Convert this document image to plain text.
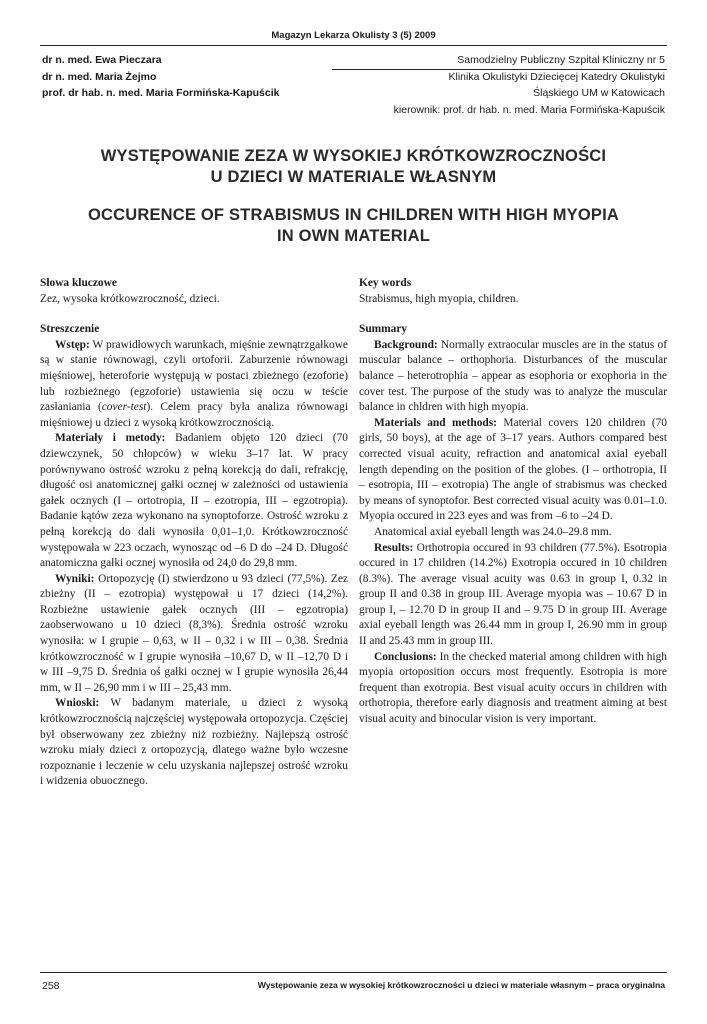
Magazyn Lekarza Okulisty 3 (5) 2009
dr n. med. Ewa Pieczara
dr n. med. Maria Żejmo
prof. dr hab. n. med. Maria Formińska-Kapuścik
Samodzielny Publiczny Szpital Kliniczny nr 5
Klinika Okulistyki Dziecięcej Katedry Okulistyki
Śląskiego UM w Katowicach
kierownik: prof. dr hab. n. med. Maria Formińska-Kapuścik
WYSTĘPOWANIE ZEZA W WYSOKIEJ KRÓTKOWZROCZNOŚCI
U DZIECI W MATERIALE WŁASNYM
OCCURENCE OF STRABISMUS IN CHILDREN WITH HIGH MYOPIA
IN OWN MATERIAL
Słowa kluczowe

Zez, wysoka krótkowzroczność, dzieci.

Streszczenie

Wstęp: W prawidłowych warunkach, mięśnie zewnątrzgałkowe są w stanie równowagi, czyli ortoforii. Zaburzenie równowagi mięśniowej, heteroforie występują w postaci zbieżnego (ezoforie) lub rozbieżnego (egzoforie) ustawienia się oczu w teście zasłaniania (cover-test). Celem pracy była analiza równowagi mięśniowej u dzieci z wysoką krótkowzrocznością.

Materiały i metody: Badaniem objęto 120 dzieci (70 dziewczynek, 50 chłopców) w wieku 3–17 lat. W pracy porównywano ostrość wzroku z pełną korekcją do dali, refrakcję, długość osi anatomicznej gałki ocznej w zależności od ustawienia gałek ocznych (I – ortotropia, II – ezotropia, III – egzotropia). Badanie kątów zeza wykonano na synoptoforze. Ostrość wzroku z pełną korekcją do dali wynosiła 0,01–1,0. Krótkowzroczność występowała w 223 oczach, wynosząc od –6 D do –24 D. Długość anatomiczna gałki ocznej wynosiła od 24,0 do 29,8 mm.

Wyniki: Ortopozycję (I) stwierdzono u 93 dzieci (77,5%). Zez zbieżny (II – ezotropia) występował u 17 dzieci (14,2%). Rozbieżne ustawienie gałek ocznych (III – egzotropia) zaobserwowano u 10 dzieci (8,3%). Średnia ostrość wzroku wynosiła: w I grupie – 0,63, w II – 0,32 i w III – 0,38. Średnia krótkowzroczność w I grupie wynosiła –10,67 D, w II –12,70 D i w III –9,75 D. Średnia oś gałki ocznej w I grupie wynosiła 26,44 mm, w II – 26,90 mm i w III – 25,43 mm.

Wnioski: W badanym materiale, u dzieci z wysoką krótkowzrocznością najczęściej występowała ortopozycja. Częściej był obserwowany zez zbieżny niż rozbieżny. Najlepszą ostrość wzroku miały dzieci z ortopozycją, dlatego ważne było wczesne rozpoznanie i leczenie w celu uzyskania najlepszej ostrość wzroku i widzenia obuocznego.

Key words

Strabismus, high myopia, children.

Summary

Background: Normally extraocular muscles are in the status of muscular balance – orthophoria. Disturbances of the muscular balance – heterotrophia – appear as esophoria or exophoria in the cover test. The purpose of the study was to analyze the muscular balance in chldren with high myopia.

Materials and methods: Material covers 120 children (70 girls, 50 boys), at the age of 3–17 years. Authors compared best corrected visual acuity, refraction and anatomical axial eyeball length depending on the position of the globes. (I – orthotropia, II – esotropia, III – exotropia) The angle of strabismus was checked by means of synoptofor. Best corrected visual acuity was 0.01–1.0. Myopia occured in 223 eyes and was from –6 to –24 D.

Anatomical axial eyeball length was 24.0–29.8 mm.

Results: Orthotropia occured in 93 children (77.5%). Esotropia occured in 17 children (14.2%) Exotropia occured in 10 children (8.3%). The average visual acuity was 0.63 in group I, 0.32 in group II and 0.38 in group III. Average myopia was – 10.67 D in group I, – 12.70 D in group II and – 9.75 D in group III. Average axial eyeball length was 26.44 mm in group I, 26.90 mm in group II and 25.43 mm in group III.

Conclusions: In the checked material among children with high myopia ortoposition occurs most frequently. Esotropia is more frequent than exotropia. Best visual acuity occurs in children with orthotropia, therefore early diagnosis and treatment aiming at best visual acuity and binocular vision is very important.

258	Występowanie zeza w wysokiej krótkowzroczności u dzieci w materiale własnym – praca oryginalna
